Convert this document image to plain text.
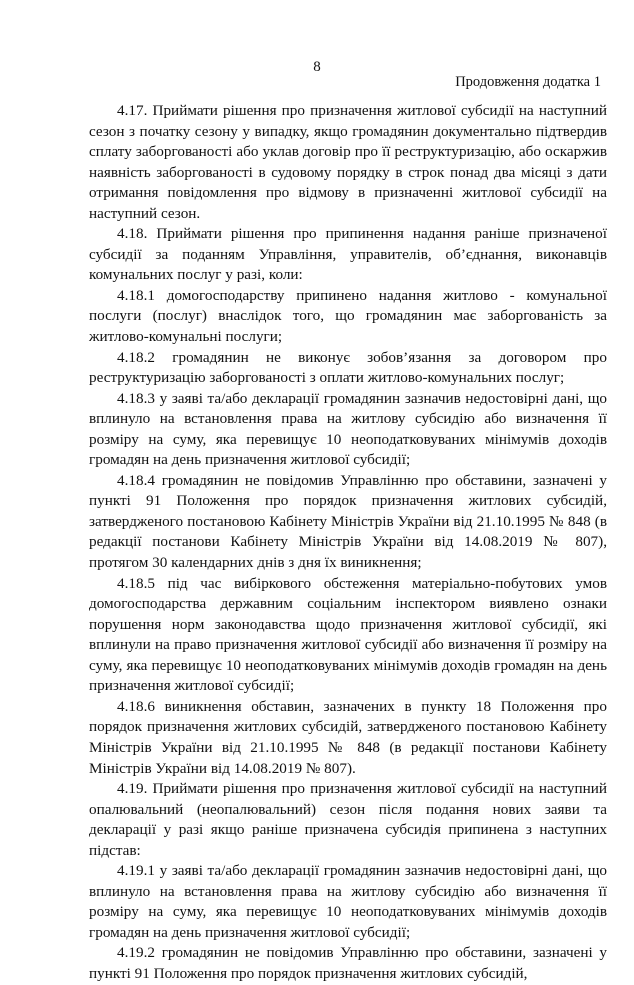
8
Продовження додатка 1

4.17. Приймати рішення про призначення житлової субсидії на наступний сезон з початку сезону у випадку, якщо громадянин документально підтвердив сплату заборгованості або уклав договір про її реструктуризацію, або оскаржив наявність заборгованості в судовому порядку в строк понад два місяці з дати отримання повідомлення про відмову в призначенні житлової субсидії на наступний сезон.

4.18. Приймати рішення про припинення надання раніше призначеної субсидії за поданням Управління, управителів, об’єднання, виконавців комунальних послуг у разі, коли:

4.18.1 домогосподарству припинено надання житлово - комунальної послуги (послуг) внаслідок того, що громадянин має заборгованість за житлово-комунальні послуги;

4.18.2 громадянин не виконує зобов’язання за договором про реструктуризацію заборгованості з оплати житлово-комунальних послуг;

4.18.3 у заяві та/або декларації громадянин зазначив недостовірні дані, що вплинуло на встановлення права на житлову субсидію або визначення її розміру на суму, яка перевищує 10 неоподатковуваних мінімумів доходів громадян на день призначення житлової субсидії;

4.18.4 громадянин не повідомив Управлінню про обставини, зазначені у пункті 91 Положення про порядок призначення житлових субсидій, затвердженого постановою Кабінету Міністрів України від 21.10.1995 № 848 (в редакції постанови Кабінету Міністрів України від 14.08.2019 № 807), протягом 30 календарних днів з дня їх виникнення;

4.18.5 під час вибіркового обстеження матеріально-побутових умов домогосподарства державним соціальним інспектором виявлено ознаки порушення норм законодавства щодо призначення житлової субсидії, які вплинули на право призначення житлової субсидії або визначення її розміру на суму, яка перевищує 10 неоподатковуваних мінімумів доходів громадян на день призначення житлової субсидії;

4.18.6 виникнення обставин, зазначених в пункту 18 Положення про порядок призначення житлових субсидій, затвердженого постановою Кабінету Міністрів України від 21.10.1995 № 848 (в редакції постанови Кабінету Міністрів України від 14.08.2019 № 807).

4.19. Приймати рішення про призначення житлової субсидії на наступний опалювальний (неопалювальний) сезон після подання нових заяви та декларації у разі якщо раніше призначена субсидія припинена з наступних підстав:

4.19.1 у заяві та/або декларації громадянин зазначив недостовірні дані, що вплинуло на встановлення права на житлову субсидію або визначення її розміру на суму, яка перевищує 10 неоподатковуваних мінімумів доходів громадян на день призначення житлової субсидії;

4.19.2 громадянин не повідомив Управлінню про обставини, зазначені у пункті 91 Положення про порядок призначення житлових субсидій,
